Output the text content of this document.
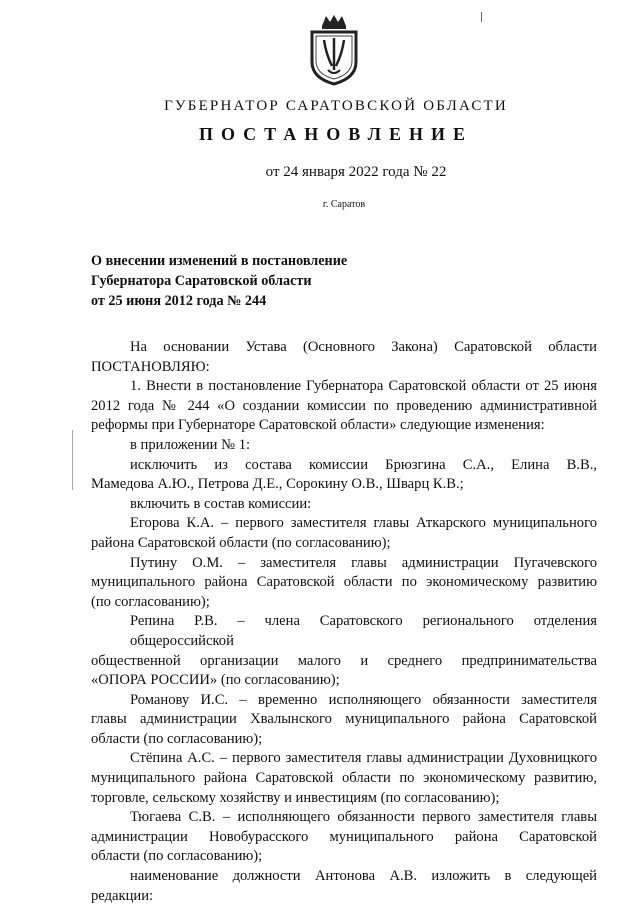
ГУБЕРНАТОР САРАТОВСКОЙ ОБЛАСТИ
ПОСТАНОВЛЕНИЕ
от 24 января 2022 года № 22
г. Саратов
О внесении изменений в постановление
Губернатора Саратовской области
от 25 июня 2012 года № 244
На основании Устава (Основного Закона) Саратовской области
ПОСТАНОВЛЯЮ:
1. Внести в постановление Губернатора Саратовской области от 25 июня
2012 года № 244 «О создании комиссии по проведению административной
реформы при Губернаторе Саратовской области» следующие изменения:
в приложении № 1:
исключить из состава комиссии Брюзгина С.А., Елина В.В.,
Мамедова А.Ю., Петрова Д.Е., Сорокину О.В., Шварц К.В.;
включить в состав комиссии:
Егорова К.А. – первого заместителя главы Аткарского муниципального
района Саратовской области (по согласованию);
Путину О.М. – заместителя главы администрации Пугачевского
муниципального района Саратовской области по экономическому развитию
(по согласованию);
Репина Р.В. – члена Саратовского регионального отделения общероссийской
общественной организации малого и среднего предпринимательства
«ОПОРА РОССИИ» (по согласованию);
Романову И.С. – временно исполняющего обязанности заместителя
главы администрации Хвалынского муниципального района Саратовской
области (по согласованию);
Стёпина А.С. – первого заместителя главы администрации Духовницкого
муниципального района Саратовской области по экономическому развитию,
торговле, сельскому хозяйству и инвестициям (по согласованию);
Тюгаева С.В. – исполняющего обязанности первого заместителя главы
администрации Новобурасского муниципального района Саратовской
области (по согласованию);
наименование должности Антонова А.В. изложить в следующей
редакции:
